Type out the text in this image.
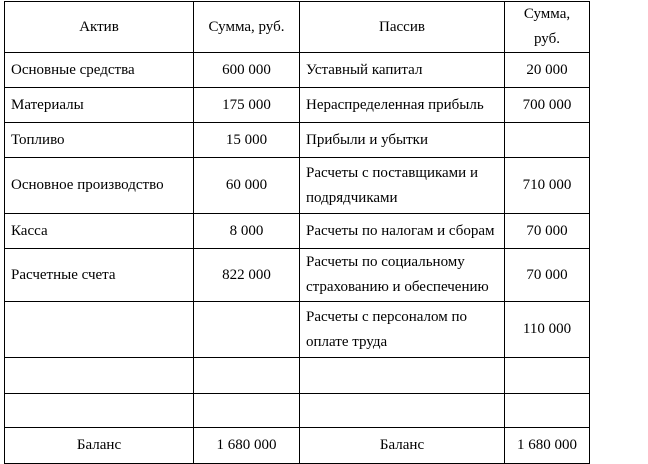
Актив	Сумма, руб.	Пассив	Сумма, руб.
Основные средства	600 000	Уставный капитал	20 000
Материалы	175 000	Нераспределенная прибыль	700 000
Топливо	15 000	Прибыли и убытки	
Основное производство	60 000	Расчеты с поставщиками и подрядчиками	710 000
Касса	8 000	Расчеты по налогам и сборам	70 000
Расчетные счета	822 000	Расчеты по социальному страхованию и обеспечению	70 000
		Расчеты с персоналом по оплате труда	110 000

Баланс	1 680 000	Баланс	1 680 000
